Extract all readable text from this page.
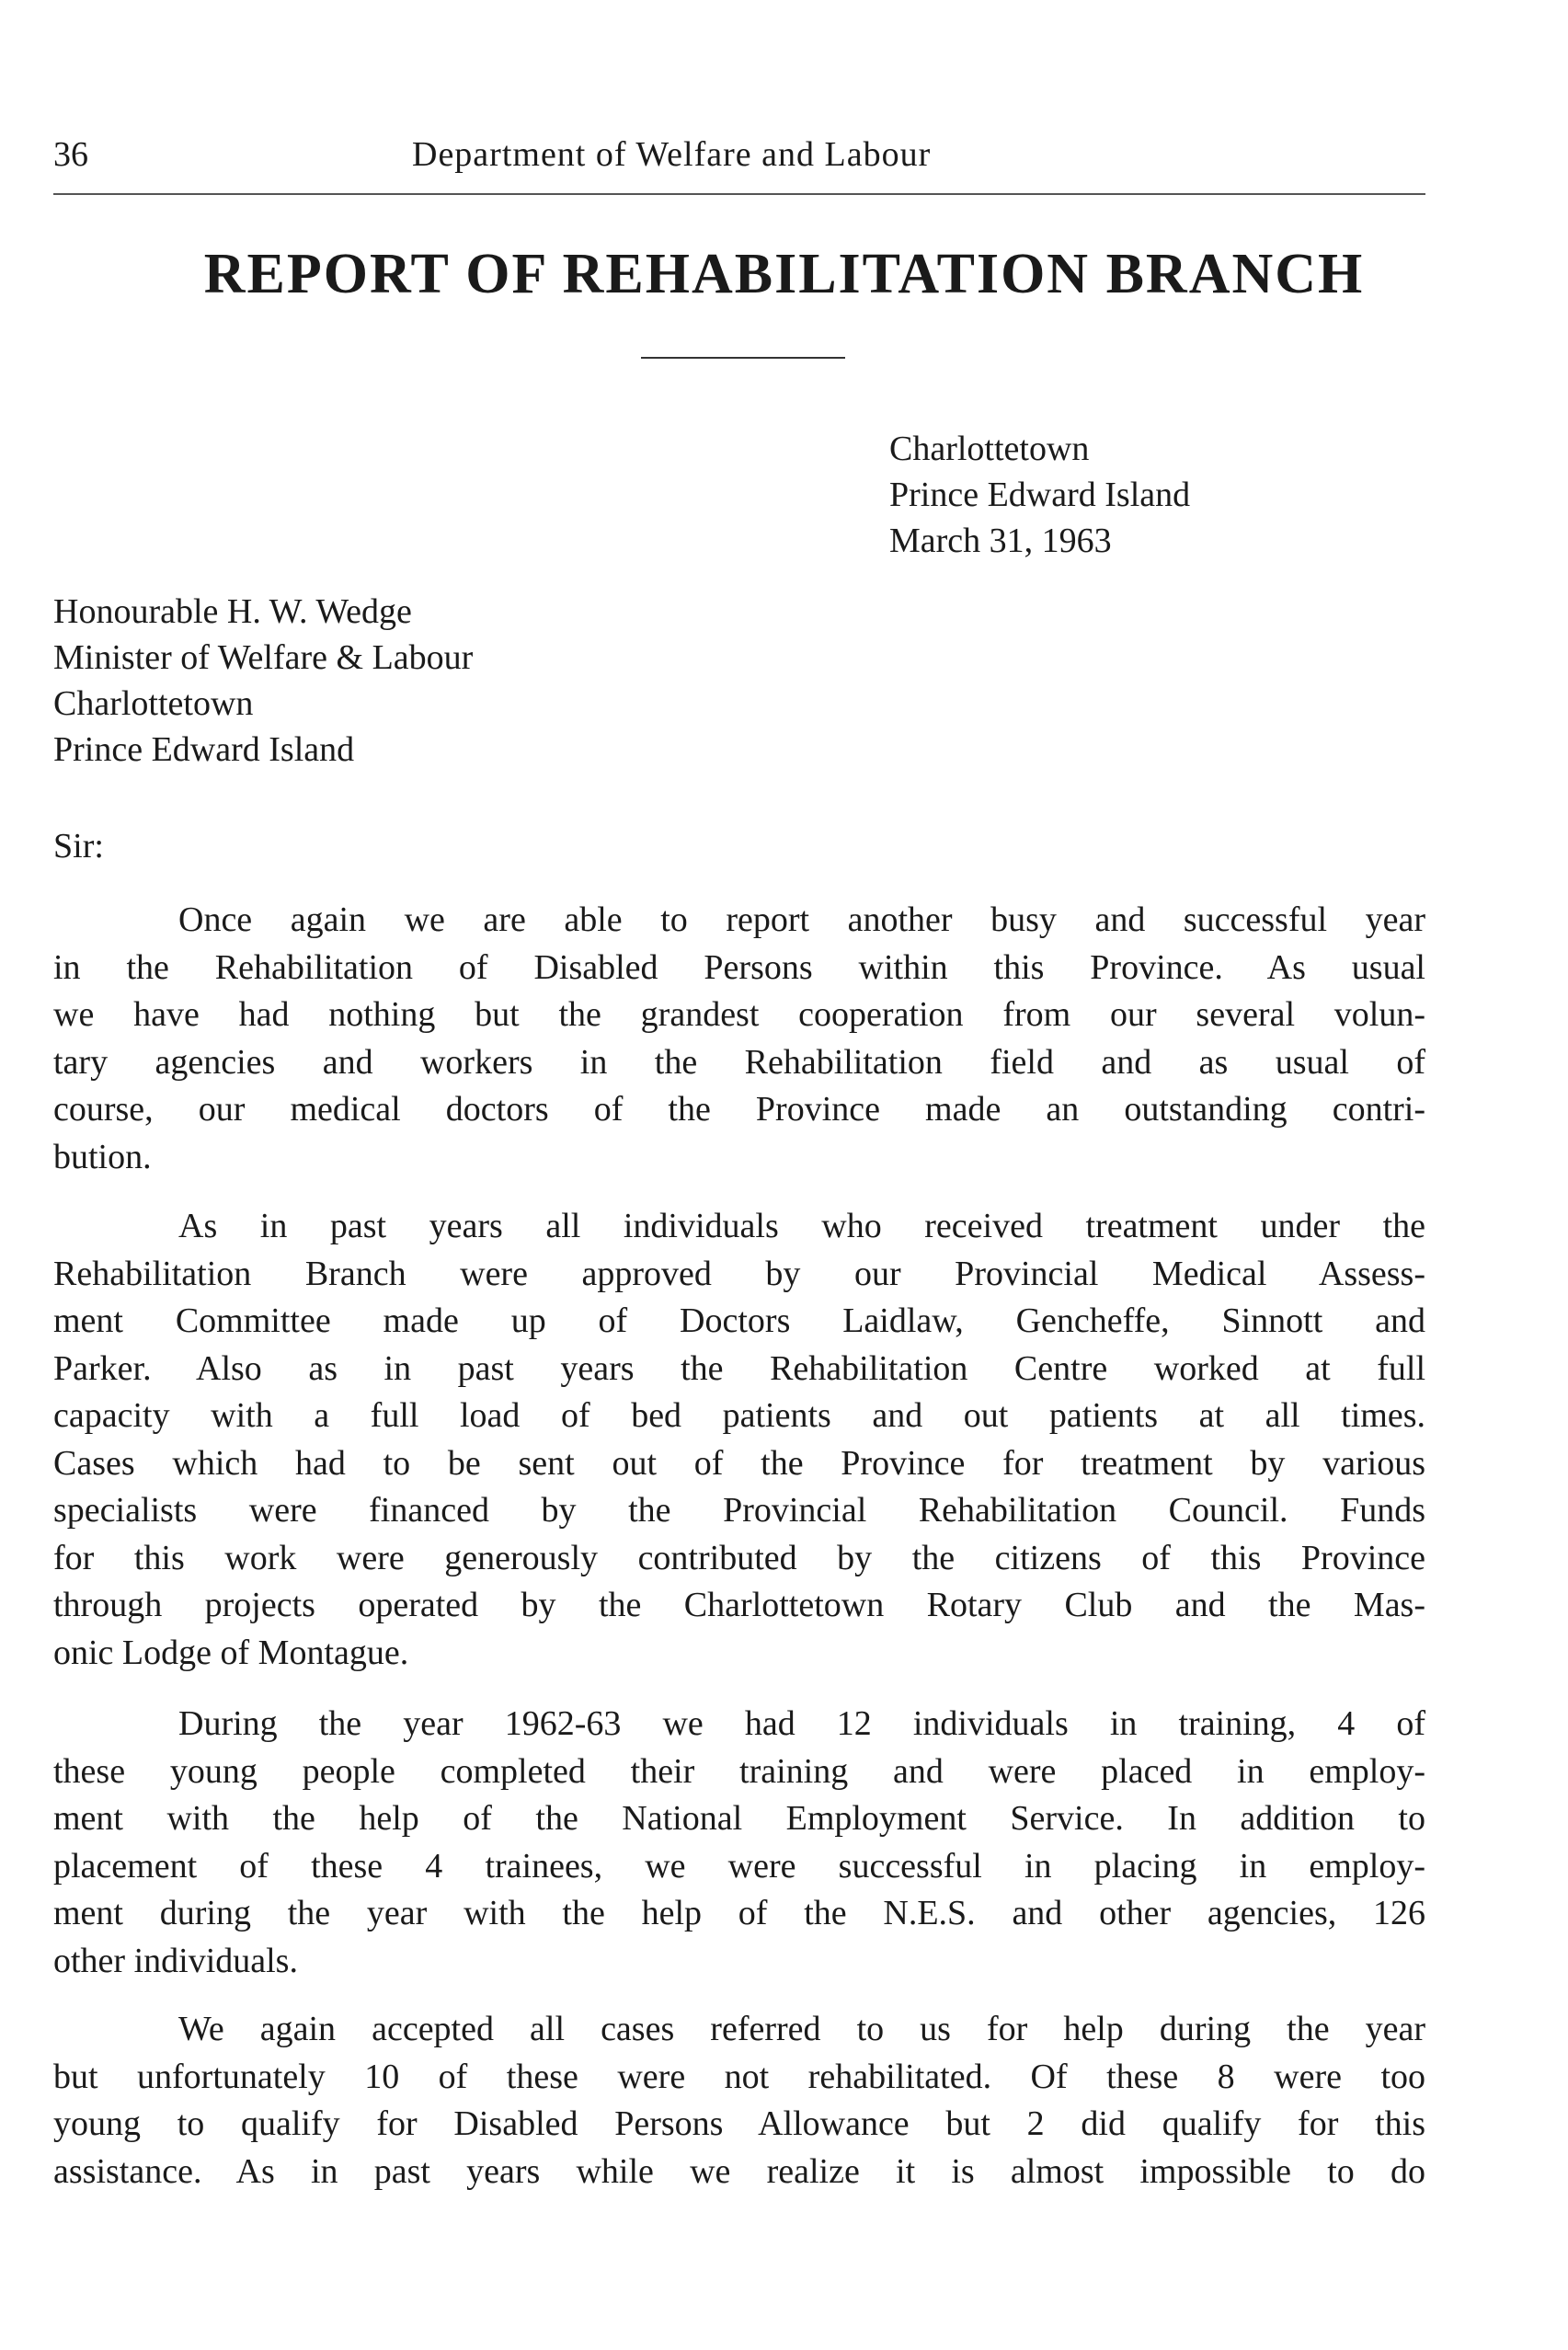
36	Department of Welfare and Labour
REPORT OF REHABILITATION BRANCH
Charlottetown
Prince Edward Island
March 31, 1963
Honourable H. W. Wedge
Minister of Welfare & Labour
Charlottetown
Prince Edward Island
Sir:
Once again we are able to report another busy and successful year
in the Rehabilitation of Disabled Persons within this Province. As usual
we have had nothing but the grandest cooperation from our several volun-
tary agencies and workers in the Rehabilitation field and as usual of
course, our medical doctors of the Province made an outstanding contri-
bution.
As in past years all individuals who received treatment under the
Rehabilitation Branch were approved by our Provincial Medical Assess-
ment Committee made up of Doctors Laidlaw, Gencheffe, Sinnott and
Parker. Also as in past years the Rehabilitation Centre worked at full
capacity with a full load of bed patients and out patients at all times.
Cases which had to be sent out of the Province for treatment by various
specialists were financed by the Provincial Rehabilitation Council. Funds
for this work were generously contributed by the citizens of this Province
through projects operated by the Charlottetown Rotary Club and the Mas-
onic Lodge of Montague.
During the year 1962-63 we had 12 individuals in training, 4 of
these young people completed their training and were placed in employ-
ment with the help of the National Employment Service. In addition to
placement of these 4 trainees, we were successful in placing in employ-
ment during the year with the help of the N.E.S. and other agencies, 126
other individuals.
We again accepted all cases referred to us for help during the year
but unfortunately 10 of these were not rehabilitated. Of these 8 were too
young to qualify for Disabled Persons Allowance but 2 did qualify for this
assistance. As in past years while we realize it is almost impossible to do
